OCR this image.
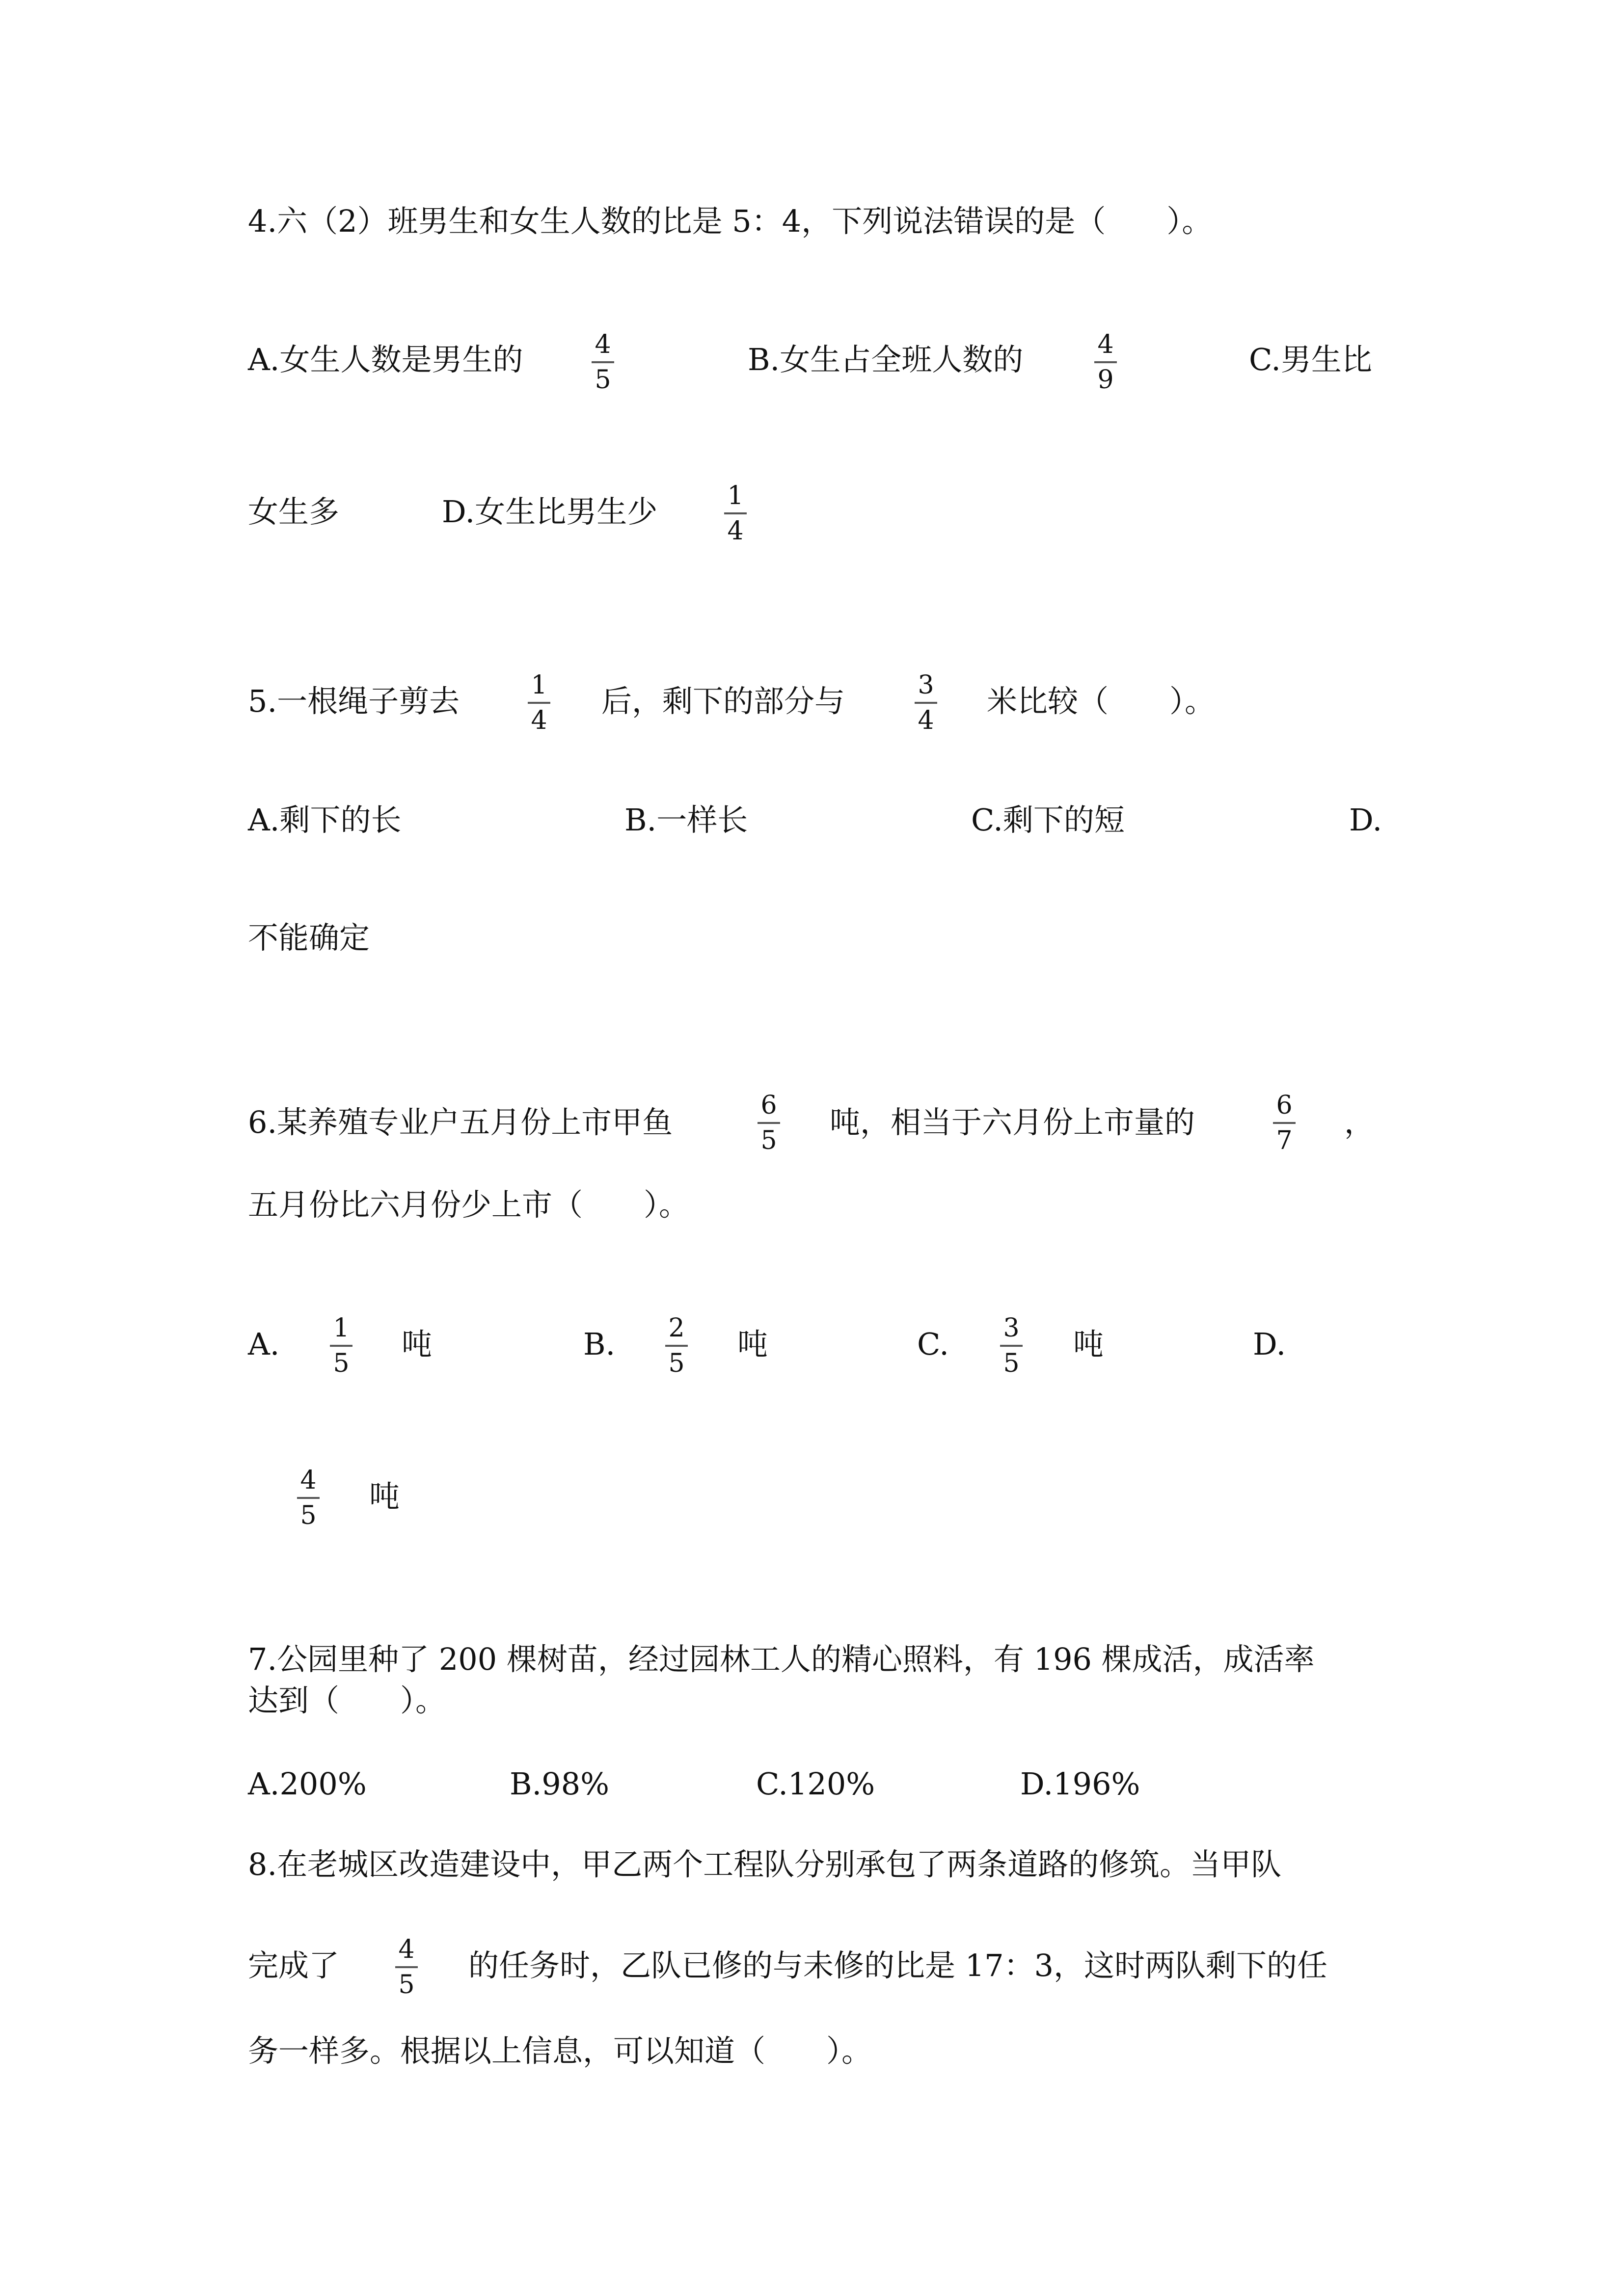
4.六（2）班男生和女生人数的比是 5：4，下列说法错误的是（　　）。
A.女生人数是男生的	4
5
B.女生占全班人数的	4
9
C.男生比
女生多	D.女生比男生少	1
4
5.一根绳子剪去	1
4
后，剩下的部分与	3
4
米比较（　　）。
A.剩下的长	B.一样长	C.剩下的短	D.
不能确定
6.某养殖专业户五月份上市甲鱼	6
5
吨，相当于六月份上市量的	6
7
，
五月份比六月份少上市（　　）。
A. 1
5
吨	B. 2
5
吨	C. 3
5
吨	D.
4
5
吨
7.公园里种了 200 棵树苗，经过园林工人的精心照料，有 196 棵成活，成活率
达到（　　）。
A.200%	B.98%	C.120%	D.196%
8.在老城区改造建设中，甲乙两个工程队分别承包了两条道路的修筑。当甲队
完成了 4
5
的任务时，乙队已修的与未修的比是 17：3，这时两队剩下的任
务一样多。根据以上信息，可以知道（　　）。
